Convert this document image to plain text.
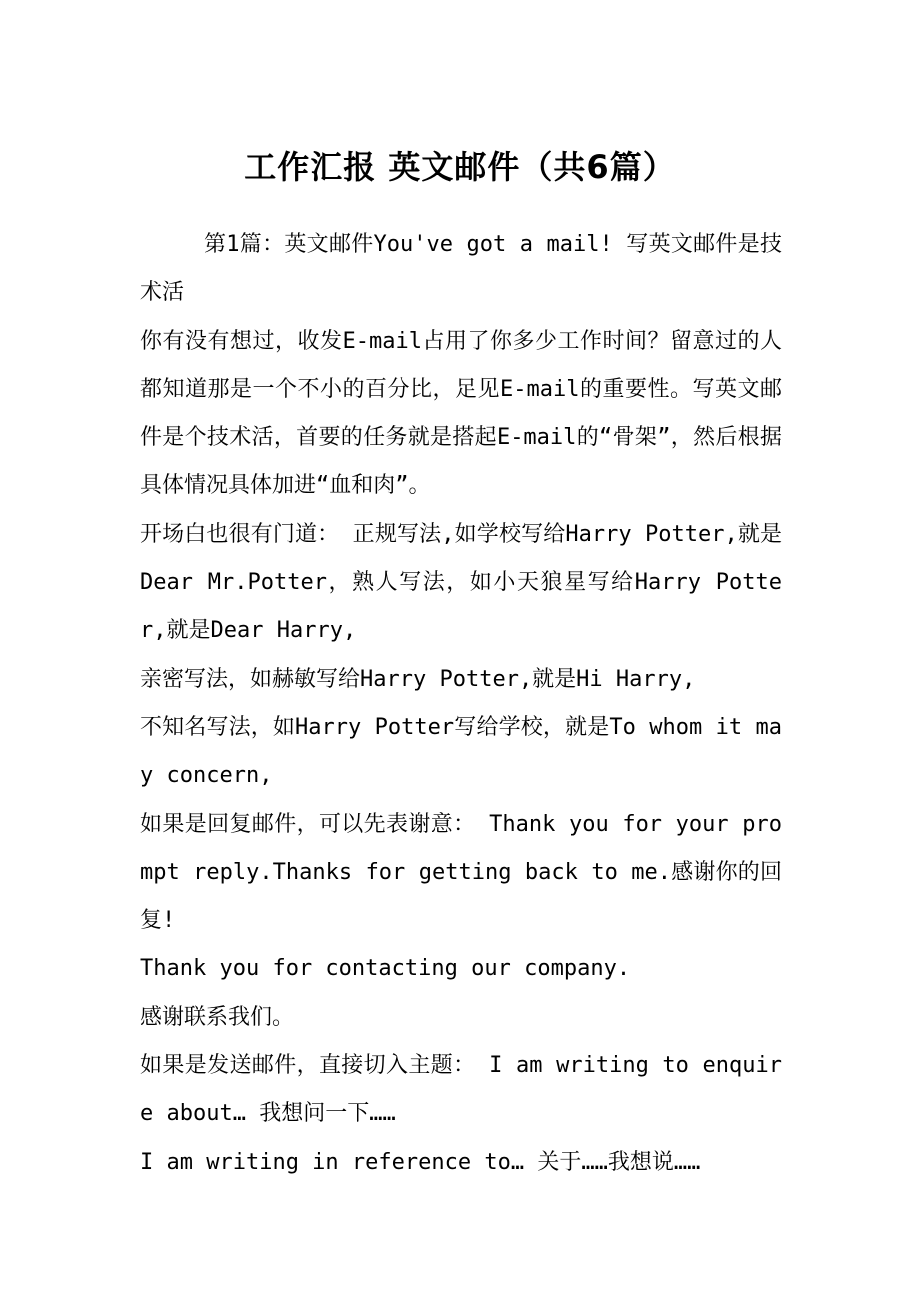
工作汇报 英文邮件（共6篇）

第1篇：英文邮件You've got a mail! 写英文邮件是技术活

你有没有想过，收发E-mail占用了你多少工作时间？留意过的人都知道那是一个不小的百分比，足见E-mail的重要性。写英文邮件是个技术活，首要的任务就是搭起E-mail的“骨架”，然后根据具体情况具体加进“血和肉”。

开场白也很有门道： 正规写法,如学校写给Harry Potter,就是Dear Mr.Potter，熟人写法，如小天狼星写给Harry Potter,就是Dear Harry,

亲密写法，如赫敏写给Harry Potter,就是Hi Harry,

不知名写法，如Harry Potter写给学校，就是To whom it may concern,

如果是回复邮件，可以先表谢意： Thank you for your prompt reply.Thanks for getting back to me.感谢你的回复!

Thank you for contacting our company.

感谢联系我们。

如果是发送邮件，直接切入主题： I am writing to enquire about… 我想问一下……

I am writing in reference to… 关于……我想说……
